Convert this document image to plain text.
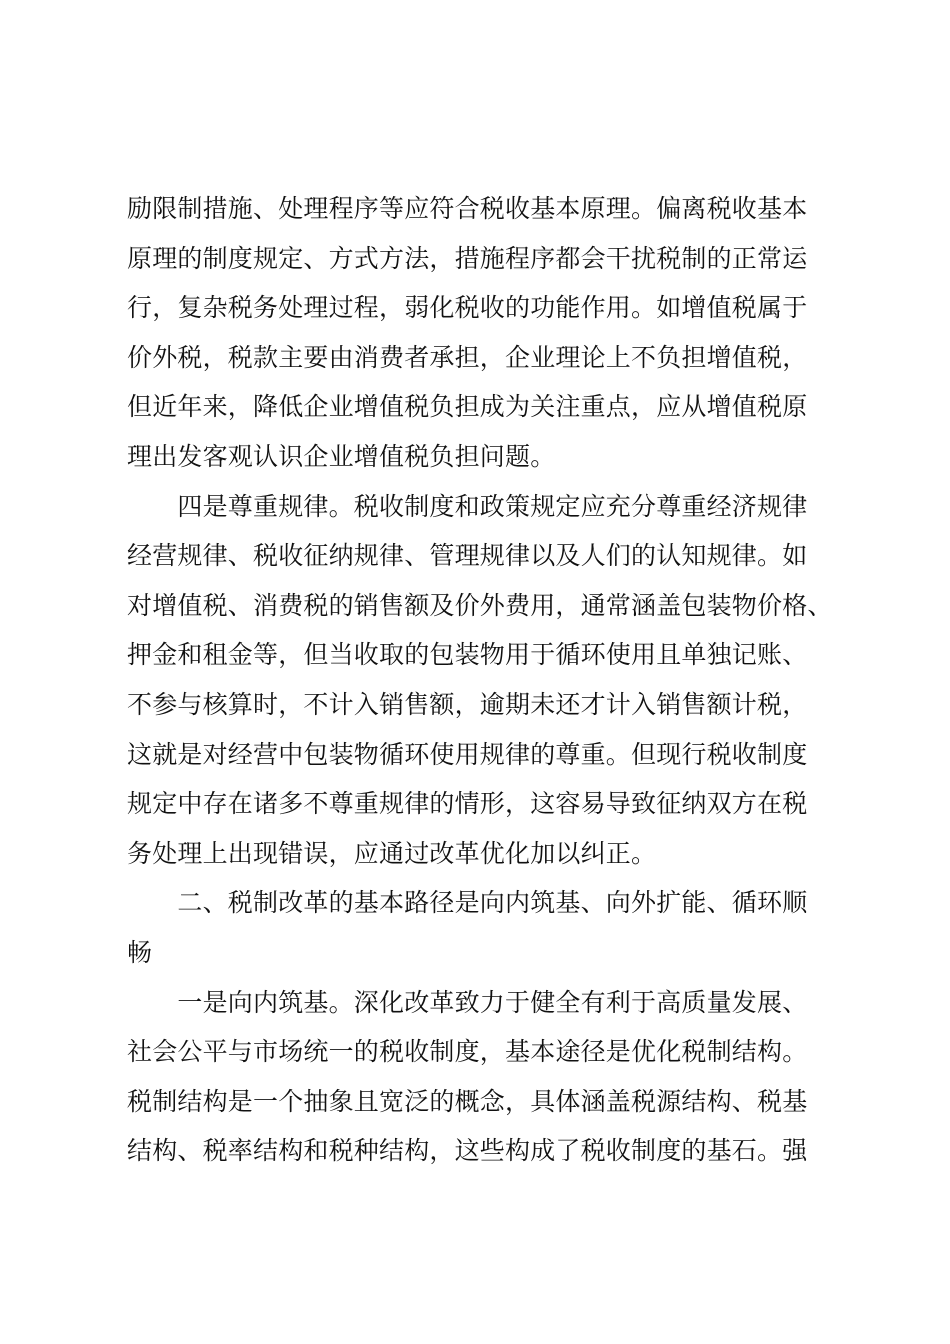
励限制措施、处理程序等应符合税收基本原理。偏离税收基本
原理的制度规定、方式方法，措施程序都会干扰税制的正常运
行，复杂税务处理过程，弱化税收的功能作用。如增值税属于
价外税，税款主要由消费者承担，企业理论上不负担增值税，
但近年来，降低企业增值税负担成为关注重点，应从增值税原
理出发客观认识企业增值税负担问题。
　　四是尊重规律。税收制度和政策规定应充分尊重经济规律
经营规律、税收征纳规律、管理规律以及人们的认知规律。如
对增值税、消费税的销售额及价外费用，通常涵盖包装物价格、
押金和租金等，但当收取的包装物用于循环使用且单独记账、
不参与核算时，不计入销售额，逾期未还才计入销售额计税，
这就是对经营中包装物循环使用规律的尊重。但现行税收制度
规定中存在诸多不尊重规律的情形，这容易导致征纳双方在税
务处理上出现错误，应通过改革优化加以纠正。
　　二、税制改革的基本路径是向内筑基、向外扩能、循环顺
畅
　　一是向内筑基。深化改革致力于健全有利于高质量发展、
社会公平与市场统一的税收制度，基本途径是优化税制结构。
税制结构是一个抽象且宽泛的概念，具体涵盖税源结构、税基
结构、税率结构和税种结构，这些构成了税收制度的基石。强
